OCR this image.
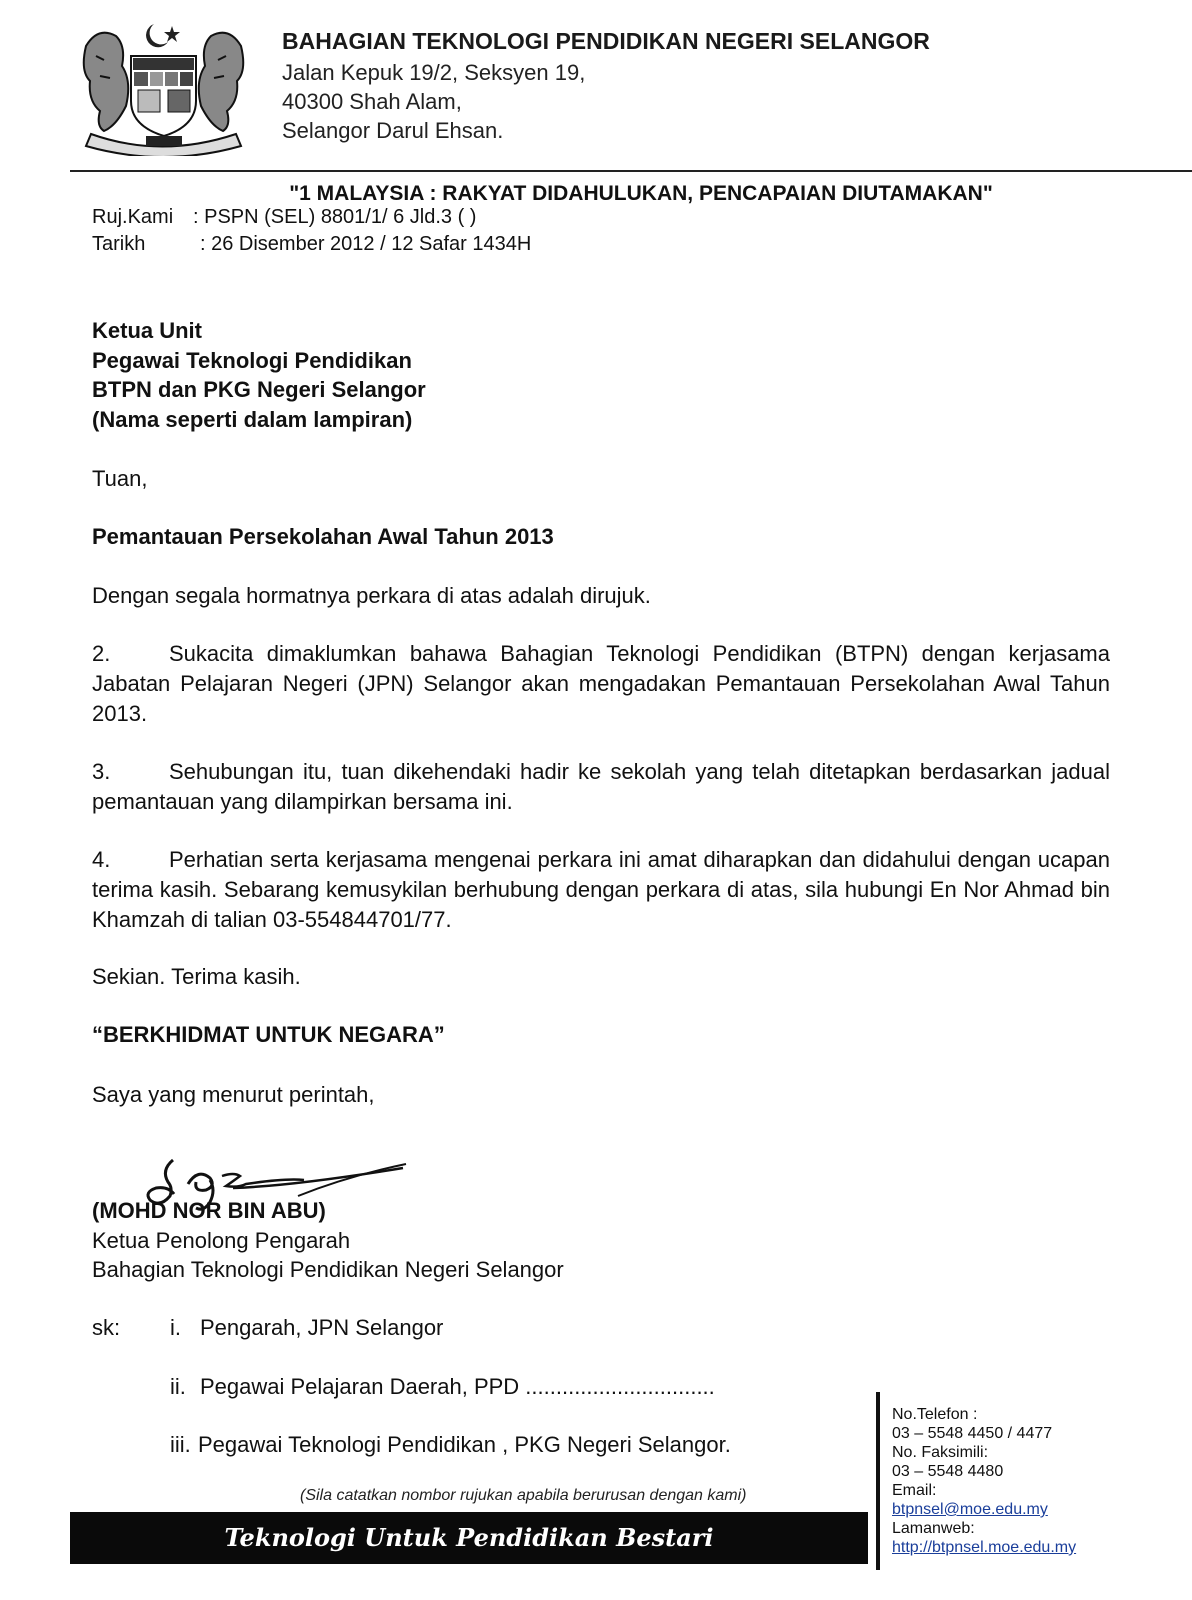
BAHAGIAN TEKNOLOGI PENDIDIKAN NEGERI SELANGOR
Jalan Kepuk 19/2, Seksyen 19,
40300 Shah Alam,
Selangor Darul Ehsan.
"1 MALAYSIA : RAKYAT DIDAHULUKAN, PENCAPAIAN DIUTAMAKAN"
Ruj.Kami : PSPN (SEL) 8801/1/ 6 Jld.3 ( )
Tarikh	: 26 Disember 2012 / 12 Safar 1434H
Ketua Unit
Pegawai Teknologi Pendidikan
BTPN dan PKG Negeri Selangor
(Nama seperti dalam lampiran)
Tuan,
Pemantauan Persekolahan Awal Tahun 2013
Dengan segala hormatnya perkara di atas adalah dirujuk.
2.	Sukacita dimaklumkan bahawa Bahagian Teknologi Pendidikan (BTPN) dengan kerjasama Jabatan Pelajaran Negeri (JPN) Selangor akan mengadakan Pemantauan Persekolahan Awal Tahun 2013.
3.	Sehubungan itu, tuan dikehendaki hadir ke sekolah yang telah ditetapkan berdasarkan jadual pemantauan yang dilampirkan bersama ini.
4.	Perhatian serta kerjasama mengenai perkara ini amat diharapkan dan didahului dengan ucapan terima kasih. Sebarang kemusykilan berhubung dengan perkara di atas, sila hubungi En Nor Ahmad bin Khamzah di talian 03-554844701/77.
Sekian. Terima kasih.
“BERKHIDMAT UNTUK NEGARA”
Saya yang menurut perintah,
(MOHD NOR BIN ABU)
Ketua Penolong Pengarah
Bahagian Teknologi Pendidikan Negeri Selangor
sk: i. Pengarah, JPN Selangor
ii. Pegawai Pelajaran Daerah, PPD ...............................
iii. Pegawai Teknologi Pendidikan , PKG Negeri Selangor.
(Sila catatkan nombor rujukan apabila berurusan dengan kami)
Teknologi Untuk Pendidikan Bestari
No.Telefon :
03 – 5548 4450 / 4477
No. Faksimili:
03 – 5548 4480
Email:
btpnsel@moe.edu.my
Lamanweb:
http://btpnsel.moe.edu.my
